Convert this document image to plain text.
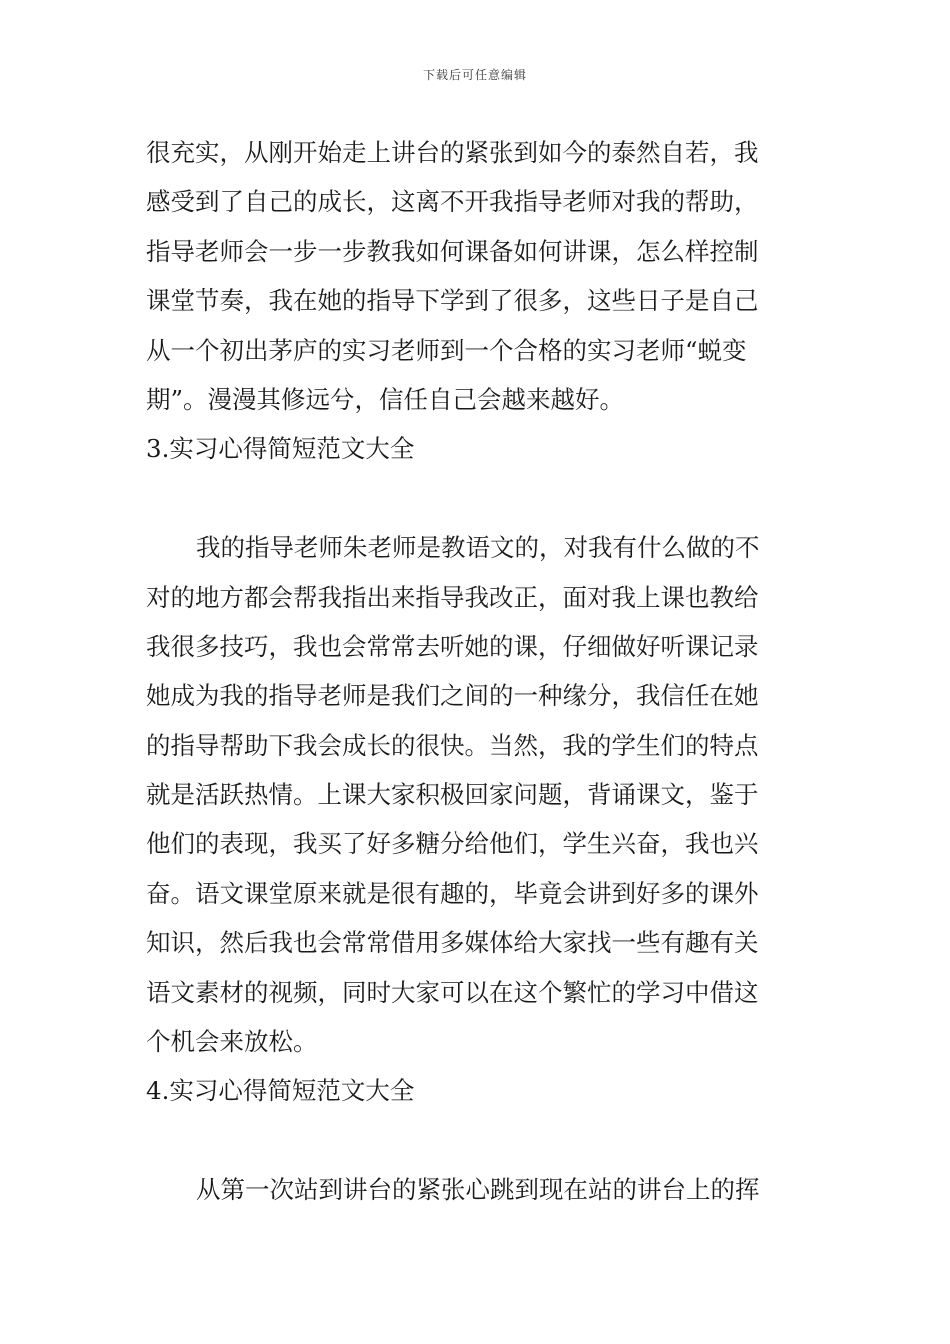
下载后可任意编辑
很充实，从刚开始走上讲台的紧张到如今的泰然自若，我
感受到了自己的成长，这离不开我指导老师对我的帮助，
指导老师会一步一步教我如何课备如何讲课，怎么样控制
课堂节奏，我在她的指导下学到了很多，这些日子是自己
从一个初出茅庐的实习老师到一个合格的实习老师“蜕变
期”。漫漫其修远兮，信任自己会越来越好。
3.实习心得简短范文大全
我的指导老师朱老师是教语文的，对我有什么做的不
对的地方都会帮我指出来指导我改正，面对我上课也教给
我很多技巧，我也会常常去听她的课，仔细做好听课记录
她成为我的指导老师是我们之间的一种缘分，我信任在她
的指导帮助下我会成长的很快。当然，我的学生们的特点
就是活跃热情。上课大家积极回家问题，背诵课文，鉴于
他们的表现，我买了好多糖分给他们，学生兴奋，我也兴
奋。语文课堂原来就是很有趣的，毕竟会讲到好多的课外
知识，然后我也会常常借用多媒体给大家找一些有趣有关
语文素材的视频，同时大家可以在这个繁忙的学习中借这
个机会来放松。
4.实习心得简短范文大全
从第一次站到讲台的紧张心跳到现在站的讲台上的挥
